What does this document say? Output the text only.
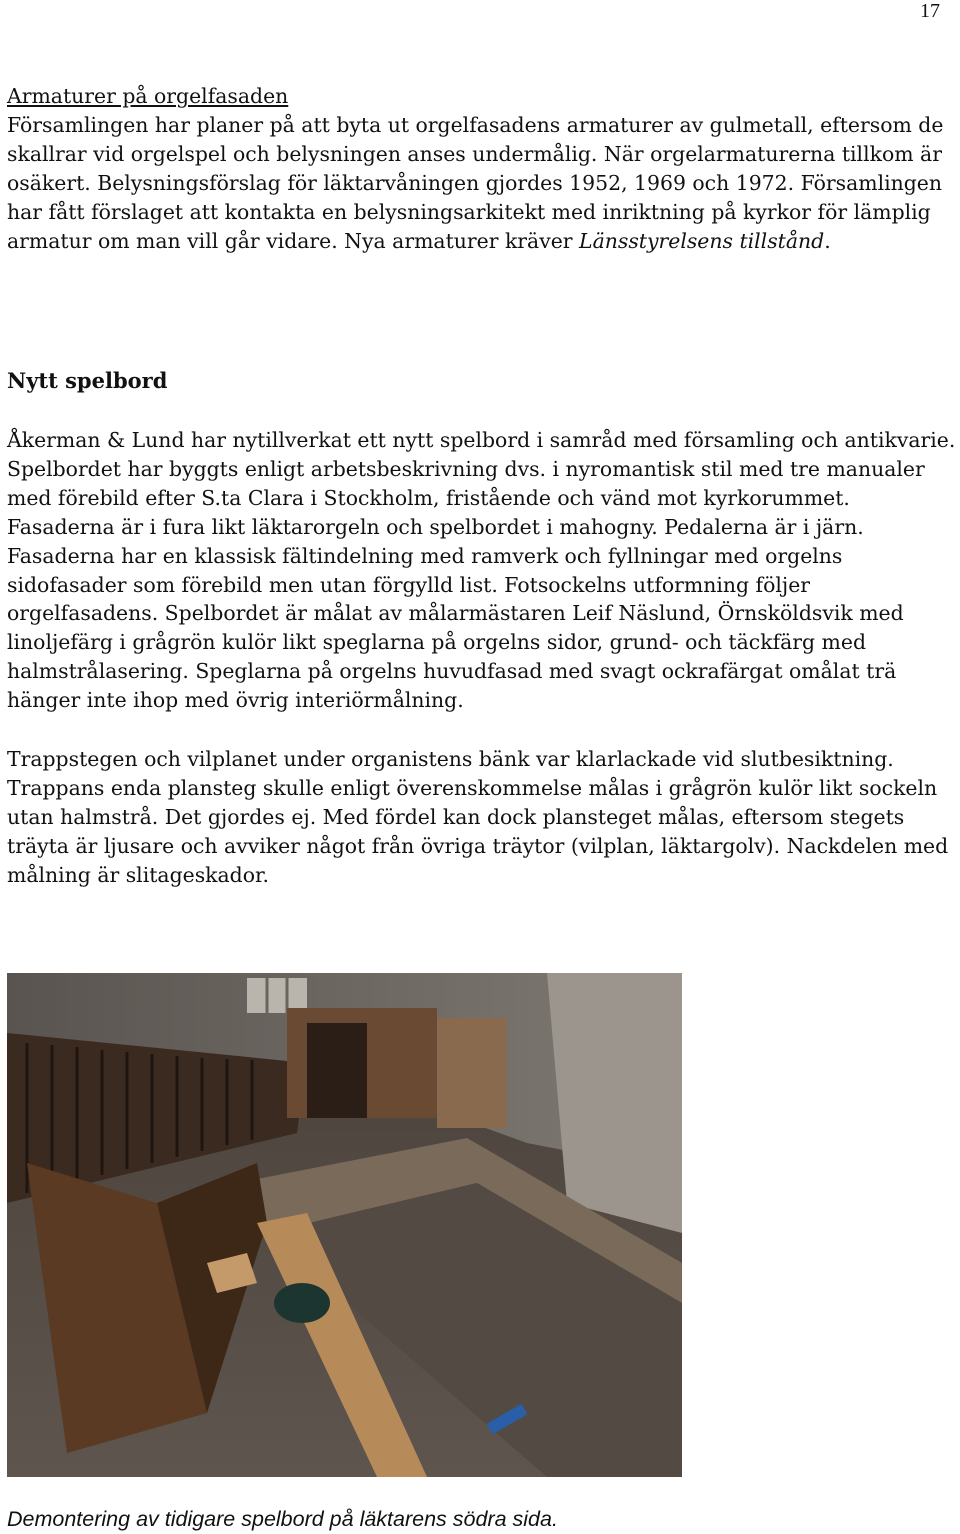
17
Armaturer på orgelfasaden

Församlingen har planer på att byta ut orgelfasadens armaturer av gulmetall, eftersom de skallrar vid orgelspel och belysningen anses undermålig. När orgelarmaturerna tillkom är osäkert. Belysningsförslag för läktarvåningen gjordes 1952, 1969 och 1972. Församlingen har fått förslaget att kontakta en belysningsarkitekt med inriktning på kyrkor för lämplig armatur om man vill går vidare. Nya armaturer kräver Länsstyrelsens tillstånd.

Nytt spelbord

Åkerman & Lund har nytillverkat ett nytt spelbord i samråd med församling och antikvarie. Spelbordet har byggts enligt arbetsbeskrivning dvs. i nyromantisk stil med tre manualer med förebild efter S.ta Clara i Stockholm, fristående och vänd mot kyrkorummet. Fasaderna är i fura likt läktarorgeln och spelbordet i mahogny. Pedalerna är i järn. Fasaderna har en klassisk fältindelning med ramverk och fyllningar med orgelns sidofasader som förebild men utan förgylld list. Fotsockelns utformning följer orgelfasadens. Spelbordet är målat av målarmästaren Leif Näslund, Örnsköldsvik med linoljefärg i grågrön kulör likt speglarna på orgelns sidor, grund- och täckfärg med halmstrålasering. Speglarna på orgelns huvudfasad med svagt ockrafärgat omålat trä hänger inte ihop med övrig interiörmålning.

Trappstegen och vilplanet under organistens bänk var klarlackade vid slutbesiktning. Trappans enda plansteg skulle enligt överenskommelse målas i grågrön kulör likt sockeln utan halmstrå. Det gjordes ej. Med fördel kan dock plansteget målas, eftersom stegets träyta är ljusare och avviker något från övriga träytor (vilplan, läktargolv). Nackdelen med målning är slitageskador.

Demontering av tidigare spelbord på läktarens södra sida.
